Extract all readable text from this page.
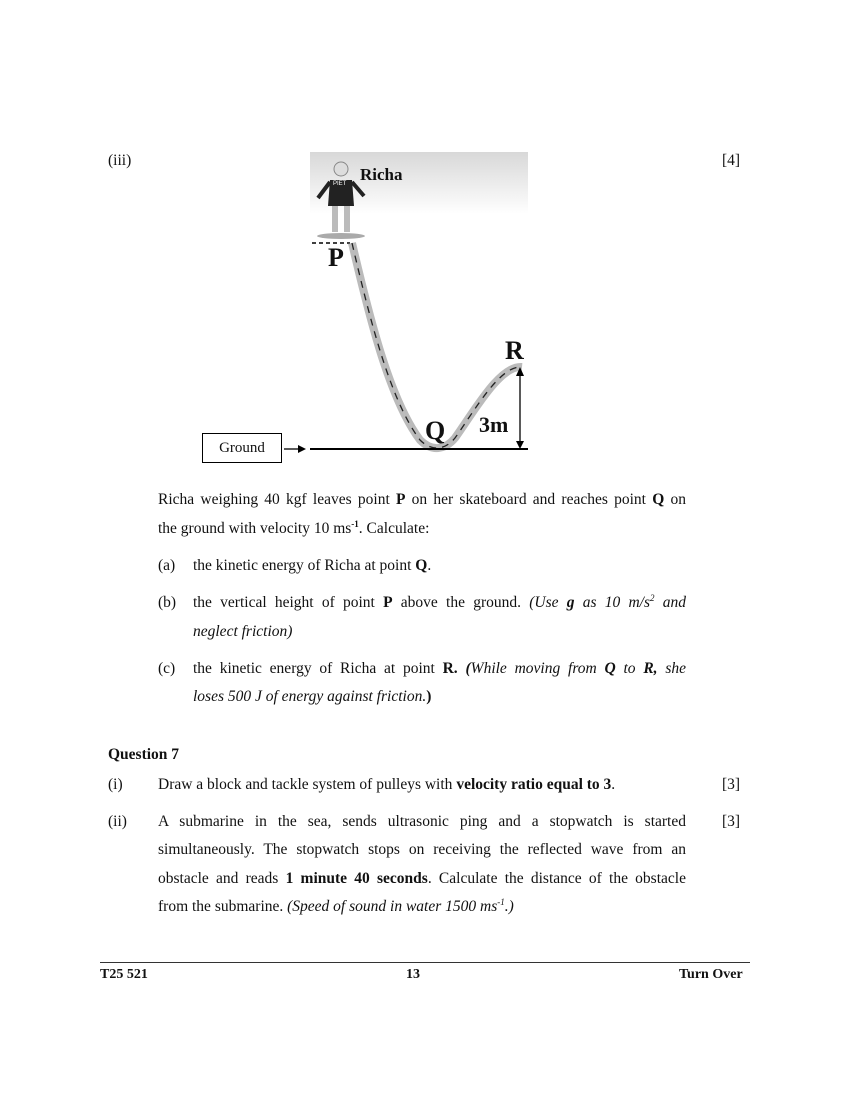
(iii)	[4]
PIET Richa
P
R
Q 3m
Ground
Richa weighing 40 kgf leaves point P on her skateboard and reaches point Q on
the ground with velocity 10 $ms^{-1}$. Calculate:
(a) the kinetic energy of Richa at point Q.
(b) the vertical height of point P above the ground. (Use g as 10 $m/s^2$ and
neglect friction)
(c) the kinetic energy of Richa at point R. (While moving from Q to R, she
loses 500 J of energy against friction.)
Question 7
(i) Draw a block and tackle system of pulleys with velocity ratio equal to 3.	[3]
(ii)	[3]
A submarine in the sea, sends ultrasonic ping and a stopwatch is started
simultaneously. The stopwatch stops on receiving the reflected wave from an
obstacle and reads 1 minute 40 seconds. Calculate the distance of the obstacle
from the submarine. (Speed of sound in water 1500 $ms^{-1}$.)
T25 521	13	Turn Over
